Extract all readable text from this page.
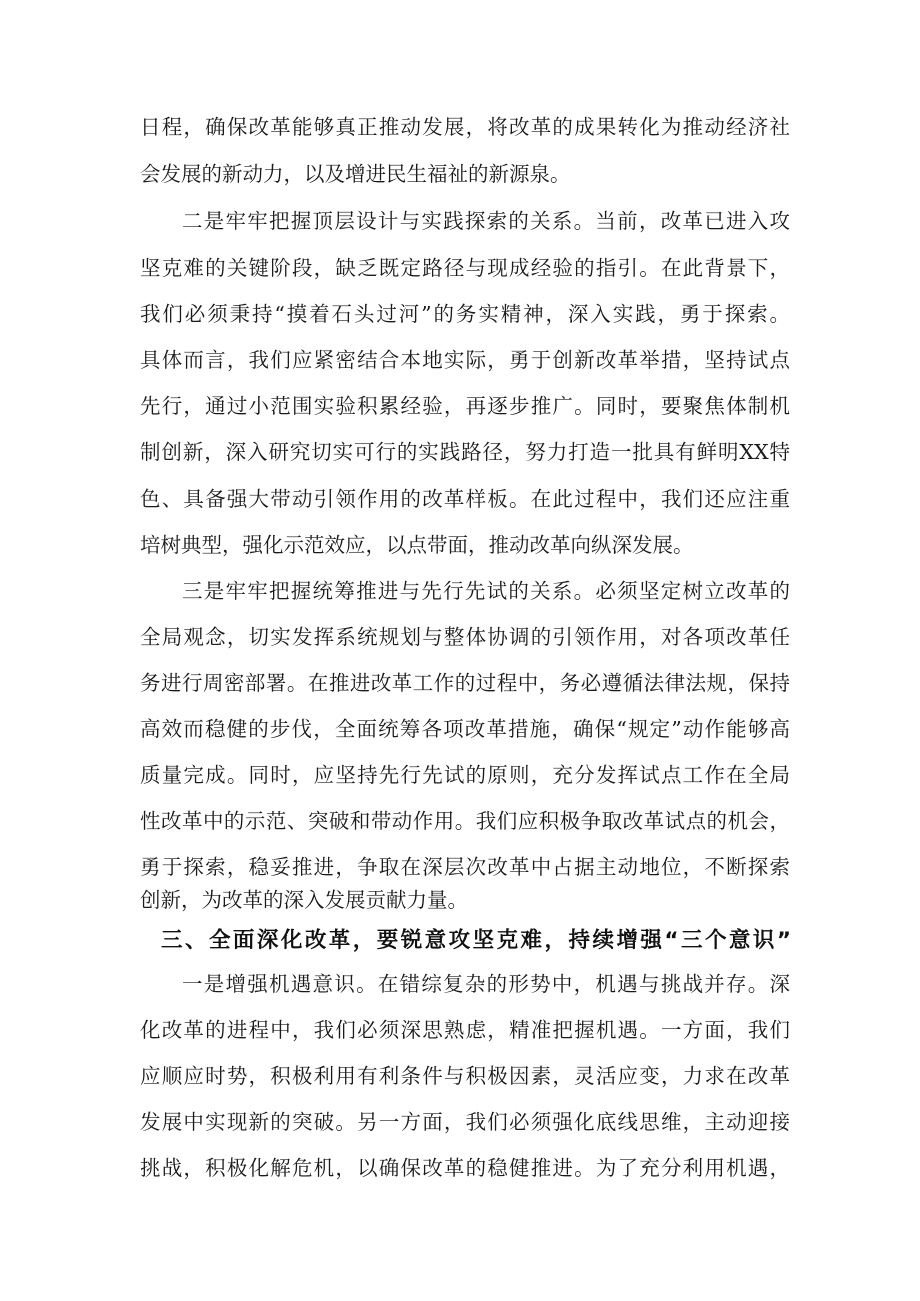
日程，确保改革能够真正推动发展，将改革的成果转化为推动经济社
会发展的新动力，以及增进民生福祉的新源泉。
二是牢牢把握顶层设计与实践探索的关系。当前，改革已进入攻
坚克难的关键阶段，缺乏既定路径与现成经验的指引。在此背景下，
我们必须秉持“摸着石头过河”的务实精神，深入实践，勇于探索。
具体而言，我们应紧密结合本地实际，勇于创新改革举措，坚持试点
先行，通过小范围实验积累经验，再逐步推广。同时，要聚焦体制机
制创新，深入研究切实可行的实践路径，努力打造一批具有鲜明XX特
色、具备强大带动引领作用的改革样板。在此过程中，我们还应注重
培树典型，强化示范效应，以点带面，推动改革向纵深发展。
三是牢牢把握统筹推进与先行先试的关系。必须坚定树立改革的
全局观念，切实发挥系统规划与整体协调的引领作用，对各项改革任
务进行周密部署。在推进改革工作的过程中，务必遵循法律法规，保持
高效而稳健的步伐，全面统筹各项改革措施，确保“规定”动作能够高
质量完成。同时，应坚持先行先试的原则，充分发挥试点工作在全局
性改革中的示范、突破和带动作用。我们应积极争取改革试点的机会，
勇于探索，稳妥推进，争取在深层次改革中占据主动地位，不断探索
创新，为改革的深入发展贡献力量。
三、全面深化改革，要锐意攻坚克难，持续增强“三个意识”
一是增强机遇意识。在错综复杂的形势中，机遇与挑战并存。深
化改革的进程中，我们必须深思熟虑，精准把握机遇。一方面，我们
应顺应时势，积极利用有利条件与积极因素，灵活应变，力求在改革
发展中实现新的突破。另一方面，我们必须强化底线思维，主动迎接
挑战，积极化解危机，以确保改革的稳健推进。为了充分利用机遇，
